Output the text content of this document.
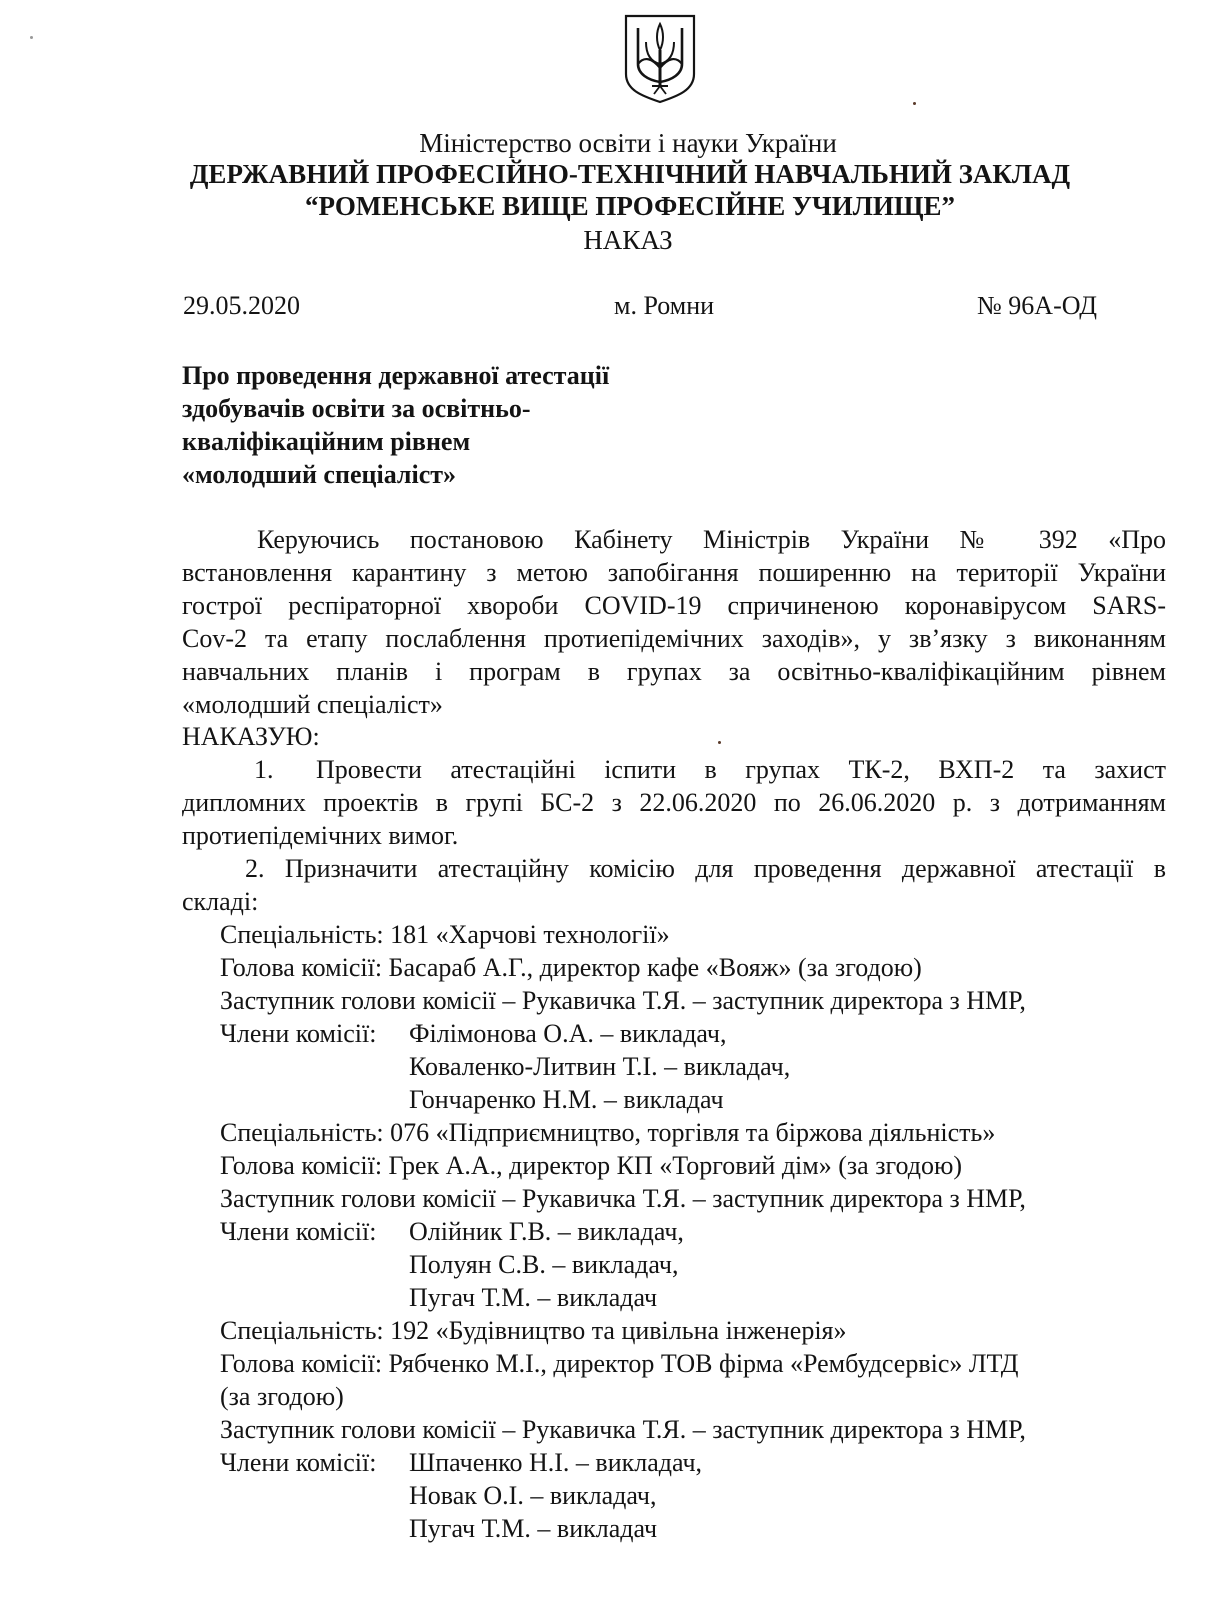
Міністерство освіти і науки України
ДЕРЖАВНИЙ ПРОФЕСІЙНО-ТЕХНІЧНИЙ НАВЧАЛЬНИЙ ЗАКЛАД
“РОМЕНСЬКЕ ВИЩЕ ПРОФЕСІЙНЕ УЧИЛИЩЕ”
НАКАЗ
29.05.2020	м. Ромни	№ 96А-ОД
Про проведення державної атестації
здобувачів освіти за освітньо-
кваліфікаційним рівнем
«молодший спеціаліст»
Керуючись постановою Кабінету Міністрів України № 392 «Про
встановлення карантину з метою запобігання поширенню на території України
гострої респіраторної хвороби COVID-19 спричиненою коронавірусом SARS-
Cov-2 та етапу послаблення протиепідемічних заходів», у зв’язку з виконанням
навчальних планів і програм в групах за освітньо-кваліфікаційним рівнем
«молодший спеціаліст»
НАКАЗУЮ:
1. Провести атестаційні іспити в групах ТК-2, ВХП-2 та захист
дипломних проектів в групі БС-2 з 22.06.2020 по 26.06.2020 р. з дотриманням
протиепідемічних вимог.
2. Призначити атестаційну комісію для проведення державної атестації в
складі:
Спеціальність: 181 «Харчові технології»
Голова комісії: Басараб А.Г., директор кафе «Вояж» (за згодою)
Заступник голови комісії – Рукавичка Т.Я. – заступник директора з НМР,
Члени комісії: Філімонова О.А. – викладач,
Коваленко-Литвин Т.І. – викладач,
Гончаренко Н.М. – викладач
Спеціальність: 076 «Підприємництво, торгівля та біржова діяльність»
Голова комісії: Грек А.А., директор КП «Торговий дім» (за згодою)
Заступник голови комісії – Рукавичка Т.Я. – заступник директора з НМР,
Члени комісії: Олійник Г.В. – викладач,
Полуян С.В. – викладач,
Пугач Т.М. – викладач
Спеціальність: 192 «Будівництво та цивільна інженерія»
Голова комісії: Рябченко М.І., директор ТОВ фірма «Рембудсервіс» ЛТД
(за згодою)
Заступник голови комісії – Рукавичка Т.Я. – заступник директора з НМР,
Члени комісії: Шпаченко Н.І. – викладач,
Новак О.І. – викладач,
Пугач Т.М. – викладач
